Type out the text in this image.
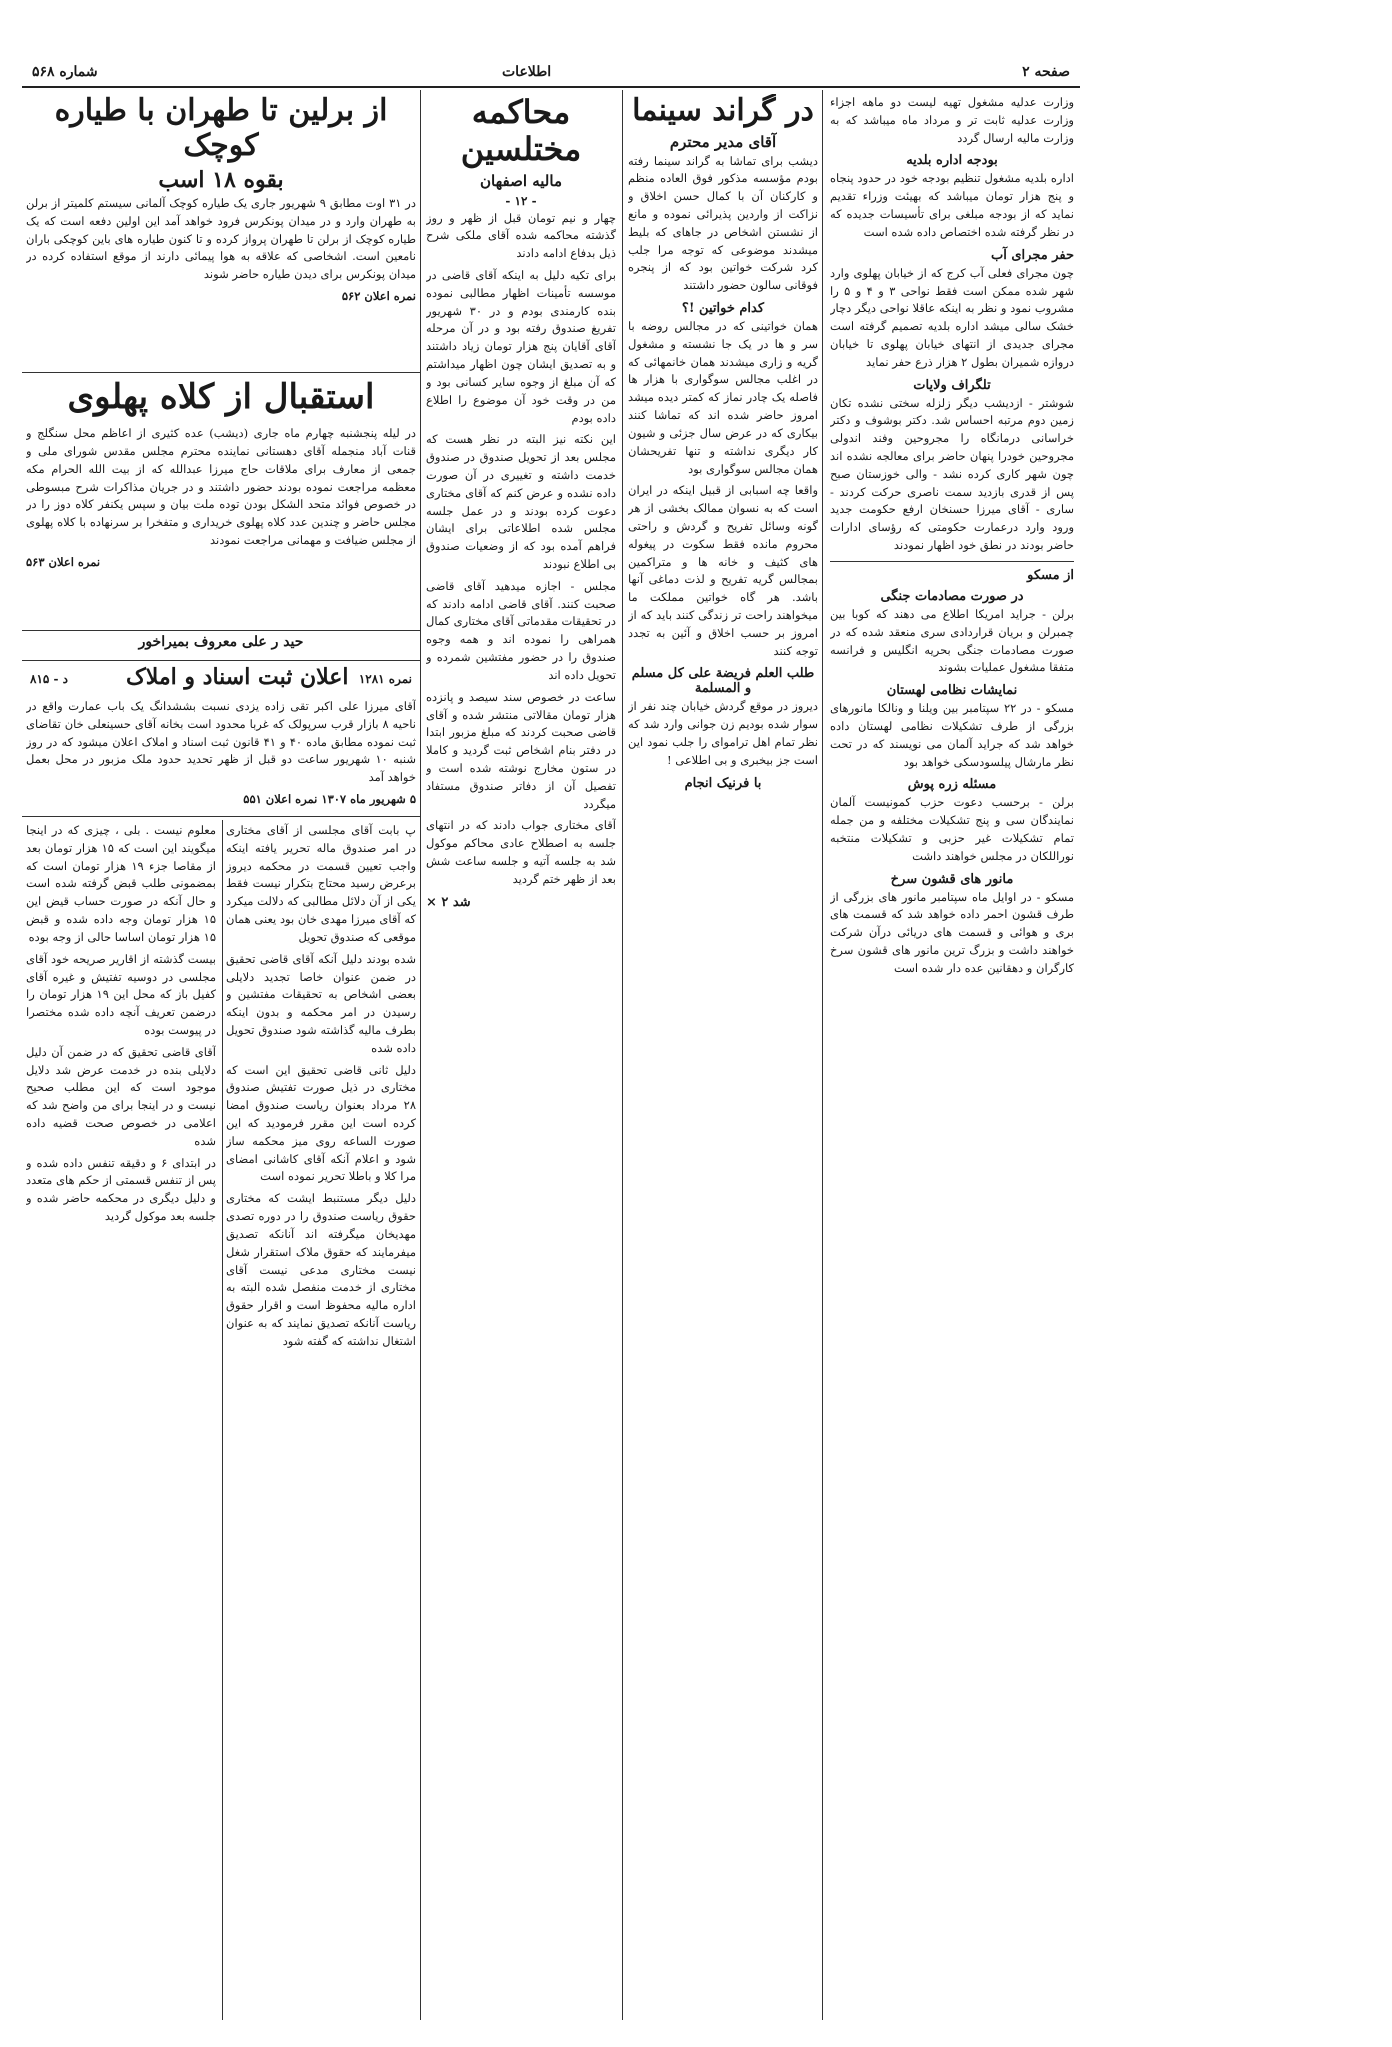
صفحه ۲
اطلاعات
شماره ۵۶۸

وزارت عدلیه مشغول تهیه لیست دو ماهه اجزاء وزارت عدلیه ثابت تر و مرداد ماه میباشد که به وزارت مالیه ارسال گردد

بودجه اداره بلدیه

اداره بلدیه مشغول تنظیم بودجه خود در حدود پنجاه و پنج هزار تومان میباشد که بهیئت وزراء تقدیم نماید که از بودجه مبلغی برای تأسیسات جدیده که در نظر گرفته شده اختصاص داده شده است

حفر مجرای آب

چون مجرای فعلی آب کرج که از خیابان پهلوی وارد شهر شده ممکن است فقط نواحی ۳ و ۴ و ۵ را مشروب نمود و نظر به اینکه عاقلا نواحی دیگر دچار خشک سالی میشد اداره بلدیه تصمیم گرفته است مجرای جدیدی از انتهای خیابان پهلوی تا خیابان دروازه شمیران بطول ۲ هزار ذرع حفر نماید

تلگراف ولایات

شوشتر - ازدیشب دیگر زلزله سختی نشده تکان زمین دوم مرتبه احساس شد. دکتر بوشوف و دکتر خراسانی درمانگاه را مجروحین وفند اندولی مجروحین خودرا پنهان حاضر برای معالجه نشده اند چون شهر کاری کرده نشد - والی خوزستان صبح پس از قدری بازدید سمت ناصری حرکت کردند - ساری - آقای میرزا حسنخان ارفع حکومت جدید ورود وارد درعمارت حکومتی که رؤسای ادارات حاضر بودند در نطق خود اظهار نمودند

از مسکو

در صورت مصادمات جنگی

برلن - جراید امریکا اطلاع می دهند که کوبا بین چمبرلن و بریان قراردادی سری منعقد شده که در صورت مصادمات جنگی بحریه انگلیس و فرانسه متفقا مشغول عملیات بشوند

نمایشات نظامی لهستان

مسکو - در ۲۲ سپتامبر بین ویلنا و ونالکا مانورهای بزرگی از طرف تشکیلات نظامی لهستان داده خواهد شد که جراید آلمان می نویسند که در تحت نظر مارشال پیلسودسکی خواهد بود

مسئله زره پوش

برلن - برحسب دعوت حزب کمونیست آلمان نمایندگان سی و پنج تشکیلات مختلفه و من جمله تمام تشکیلات غیر حزبی و تشکیلات منتخبه نوراللکان در مجلس خواهند داشت

مانور های قشون سرخ

مسکو - در اوایل ماه سپتامبر مانور های بزرگی از طرف قشون احمر داده خواهد شد که قسمت های بری و هوائی و قسمت های دریائی درآن شرکت خواهند داشت و بزرگ ترین مانور های قشون سرخ کارگران و دهقانین عده دار شده است

در گراند سینما

آقای مدیر محترم

دیشب برای تماشا به گراند سینما رفته بودم مؤسسه مذکور فوق العاده منظم و کارکنان آن با کمال حسن اخلاق و نزاکت از واردین پذیرائی نموده و مانع از نشستن اشخاص در جاهای که بلیط میشدند موضوعی که توجه مرا جلب کرد شرکت خواتین بود که از پنجره فوقانی سالون حضور داشتند

کدام خواتین !؟

همان خواتینی که در مجالس روضه با سر و ها در یک جا نشسته و مشغول گریه و زاری میشدند همان خانمهائی که در اغلب مجالس سوگواری با هزار ها فاصله یک چادر نماز که کمتر دیده میشد امروز حاضر شده اند که تماشا کنند بیکاری که در عرض سال جزئی و شیون کار دیگری نداشته و تنها تفریحشان همان مجالس سوگواری بود

واقعا چه اسبابی از قبیل اینکه در ایران است که به نسوان ممالک بخشی از هر گونه وسائل تفریح و گردش و راحتی محروم مانده فقط سکوت در پیغوله های کثیف و خانه ها و متراکمین بمجالس گریه تفریح و لذت دماغی آنها باشد. هر گاه خواتین مملکت ما میخواهند راحت تر زندگی کنند باید که از امروز بر حسب اخلاق و آئین به تجدد توجه کنند

طلب العلم فریضة علی کل مسلم و المسلمة

دیروز در موقع گردش خیابان چند نفر از سوار شده بودیم زن جوانی وارد شد که نظر تمام اهل تراموای را جلب نمود این است جز بیخبری و بی اطلاعی !

با فرنیک انجام

محاکمه مختلسین

مالیه اصفهان

- ۱۲ -

چهار و نیم تومان قبل از ظهر و روز گذشته محاکمه شده آقای ملکی شرح ذیل بدفاع ادامه دادند

برای تکیه دلیل به اینکه آقای قاضی در موسسه تأمینات اظهار مطالبی نموده بنده کارمندی بودم و در ۳۰ شهریور تفریغ صندوق رفته بود و در آن مرحله آقای آقایان پنج هزار تومان زیاد داشتند و به تصدیق ایشان چون اظهار میداشتم که آن مبلغ از وجوه سایر کسانی بود و من در وقت خود آن موضوع را اطلاع داده بودم

این نکته نیز البته در نظر هست که مجلس بعد از تحویل صندوق در صندوق خدمت داشته و تغییری در آن صورت داده نشده و عرض کنم که آقای مختاری دعوت کرده بودند و در عمل جلسه مجلس شده اطلاعاتی برای ایشان فراهم آمده بود که از وضعیات صندوق بی اطلاع نبودند

مجلس - اجازه میدهید آقای قاضی صحبت کنند. آقای قاضی ادامه دادند که در تحقیقات مقدماتی آقای مختاری کمال همراهی را نموده اند و همه وجوه صندوق را در حضور مفتشین شمرده و تحویل داده اند

ساعت در خصوص سند سیصد و پانزده هزار تومان مقالاتی منتشر شده و آقای قاضی صحبت کردند که مبلغ مزبور ابتدا در دفتر بنام اشخاص ثبت گردید و کاملا در ستون مخارج نوشته شده است و تفصیل آن از دفاتر صندوق مستفاد میگردد

آقای مختاری جواب دادند که در انتهای جلسه به اصطلاح عادی محاکم موکول شد به جلسه آتیه و جلسه ساعت شش بعد از ظهر ختم گردید

شد ۲ ×

از برلین تا طهران با طیاره کوچک

بقوه ۱۸ اسب

در ۳۱ اوت مطابق ۹ شهریور جاری یک طیاره کوچک آلمانی سیستم کلمیتر از برلن به طهران وارد و در میدان پونکرس فرود خواهد آمد این اولین دفعه است که یک طیاره کوچک از برلن تا طهران پرواز کرده و تا کنون طیاره های باین کوچکی باران نامعین است. اشخاصی که علاقه به هوا پیمائی دارند از موقع استفاده کرده در میدان پونکرس برای دیدن طیاره حاضر شوند

نمره اعلان ۵۶۲

استقبال از کلاه پهلوی

در لیله پنجشنبه چهارم ماه جاری (دیشب) عده کثیری از اعاظم محل سنگلج و قنات آباد منجمله آقای دهستانی نماینده محترم مجلس مقدس شورای ملی و جمعی از معارف برای ملاقات حاج میرزا عبدالله که از بیت الله الحرام مکه معظمه مراجعت نموده بودند حضور داشتند و در جریان مذاکرات شرح مبسوطی در خصوص فوائد متحد الشکل بودن توده ملت بیان و سپس یکنفر کلاه دوز را در مجلس حاضر و چندین عدد کلاه پهلوی خریداری و متفخرا بر سرنهاده با کلاه پهلوی از مجلس ضیافت و مهمانی مراجعت نمودند

نمره اعلان ۵۶۳

حید ر علی معروف بمیراخور

د - ۸۱۵	اعلان ثبت اسناد و املاک نمره ۱۲۸۱

آقای میرزا علی اکبر تقی زاده یزدی نسبت بششدانگ یک باب عمارت واقع در ناحیه ۸ بازار قرب سرپولک که غربا محدود است بخانه آقای حسینعلی خان تقاضای ثبت نموده مطابق ماده ۴۰ و ۴۱ قانون ثبت اسناد و املاک اعلان میشود که در روز شنبه ۱۰ شهریور ساعت دو قبل از ظهر تحدید حدود ملک مزبور در محل بعمل خواهد آمد

۵ شهریور ماه ۱۳۰۷ نمره اعلان ۵۵۱

پ بابت آقای مجلسی از آقای مختاری در امر صندوق ماله تحریر یافته اینکه واجب تعیین قسمت در محکمه دیروز برعرض رسید محتاج بتکرار نیست فقط یکی از آن دلائل مطالبی که دلالت میکرد که آقای میرزا مهدی خان بود یعنی همان موقعی که صندوق تحویل

شده بودند دلیل آنکه آقای قاضی تحقیق در ضمن عنوان خاصا تجدید دلایلی بعضی اشخاص به تحقیقات مفتشین و رسیدن در امر محکمه و بدون اینکه بطرف مالیه گذاشته شود صندوق تحویل داده شده

دلیل ثانی قاضی تحقیق این است که مختاری در ذیل صورت تفتیش صندوق ۲۸ مرداد بعنوان ریاست صندوق امضا کرده است این مقرر فرمودید که این صورت الساعه روی میز محکمه ساز شود و اعلام آنکه آقای کاشانی امضای مرا کلا و باطلا تحریر نموده است

دلیل دیگر مستنبط ایشت که مختاری حقوق ریاست صندوق را در دوره تصدی مهدیخان میگرفته اند آنانکه تصدیق میفرمایند که حقوق ملاک استقرار شغل نیست مختاری مدعی نیست آقای مختاری از خدمت منفصل شده البته به اداره مالیه محفوظ است و اقرار حقوق ریاست آنانکه تصدیق نمایند که به عنوان اشتغال نداشته که گفته شود

معلوم نیست . بلی ، چیزی که در اینجا میگویند این است که ۱۵ هزار تومان بعد از مقاصا جزء ۱۹ هزار تومان است که بمضمونی طلب قبض گرفته شده است و حال آنکه در صورت حساب قیض این ۱۵ هزار تومان وجه داده شده و قبض ۱۵ هزار تومان اساسا حالی از وجه بوده

بیست گذشته از اقاریر صریحه خود آقای مجلسی در دوسیه تفتیش و غیره آقای کفیل باز که محل این ۱۹ هزار تومان را درضمن تعریف آنچه داده شده مختصرا در پیوست بوده

آقای قاضی تحقیق که در ضمن آن دلیل دلایلی بنده در خدمت عرض شد دلایل موجود است که این مطلب صحیح نیست و در اینجا برای من واضح شد که اعلامی در خصوص صحت قضیه داده شده

در ابتدای ۶ و دقیقه تنفس داده شده و پس از تنفس قسمتی از حکم های متعدد و دلیل دیگری در محکمه حاضر شده و جلسه بعد موکول گردید
